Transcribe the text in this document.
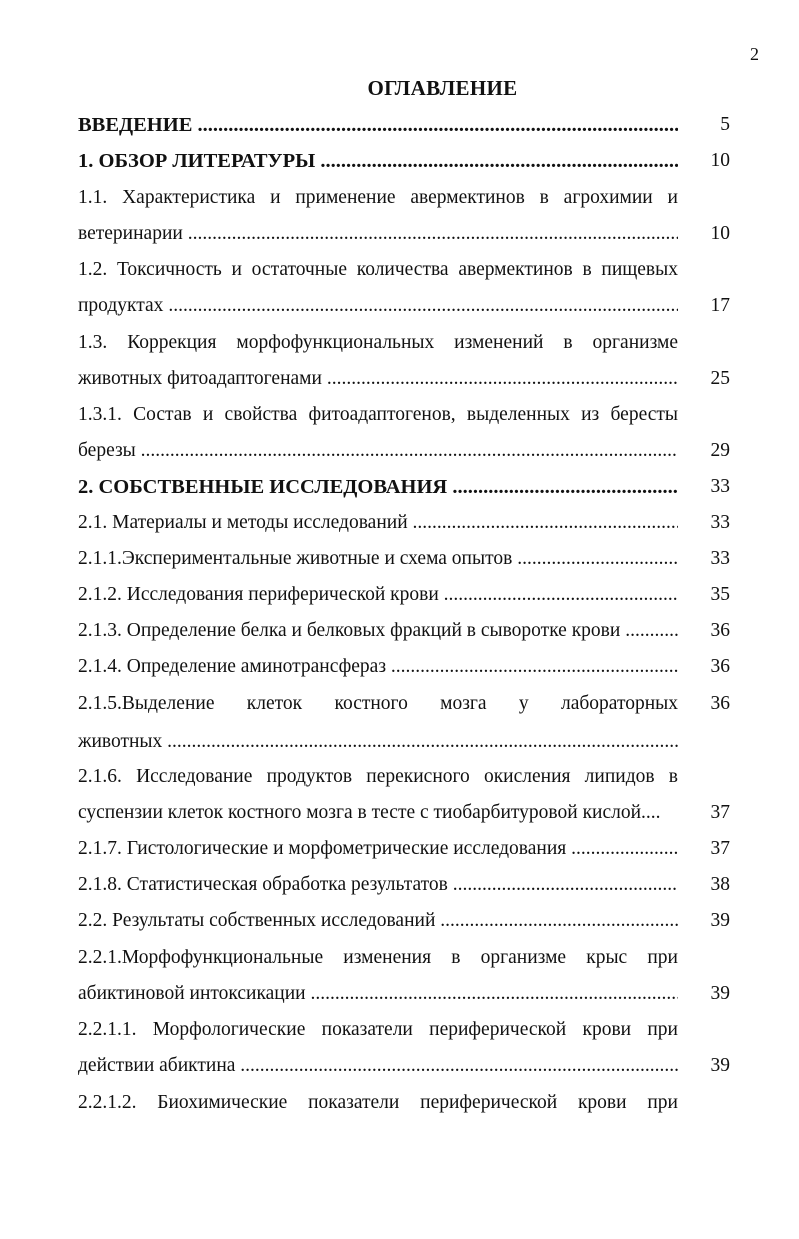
2
ОГЛАВЛЕНИЕ
ВВЕДЕНИЕ .....	5
1. ОБЗОР ЛИТЕРАТУРЫ .....	10
1.1. Характеристика и применение авермектинов в агрохимии и
ветеринарии .....	10
1.2. Токсичность и остаточные количества авермектинов в пищевых
продуктах .....	17
1.3. Коррекция морфофункциональных изменений в организме
животных фитоадаптогенами .....	25
1.3.1. Состав и свойства фитоадаптогенов, выделенных из бересты
березы .....	29
2. СОБСТВЕННЫЕ ИССЛЕДОВАНИЯ .....	33
2.1. Материалы и методы исследований .....	33
2.1.1.Экспериментальные животные и схема опытов .....	33
2.1.2. Исследования периферической крови .....	35
2.1.3. Определение белка и белковых фракций в сыворотке крови .....	36
2.1.4. Определение аминотрансфераз .....	36
2.1.5.Выделение клеток костного мозга у лабораторных	36
животных .....
2.1.6. Исследование продуктов перекисного окисления липидов в
суспензии клеток костного мозга в тесте с тиобарбитуровой кислой....	37
2.1.7. Гистологические и морфометрические исследования .....	37
2.1.8. Статистическая обработка результатов .....	38
2.2. Результаты собственных исследований .....	39
2.2.1.Морфофункциональные изменения в организме крыс при
абиктиновой интоксикации .....	39
2.2.1.1. Морфологические показатели периферической крови при
действии абиктина .....	39
2.2.1.2. Биохимические показатели периферической крови при
